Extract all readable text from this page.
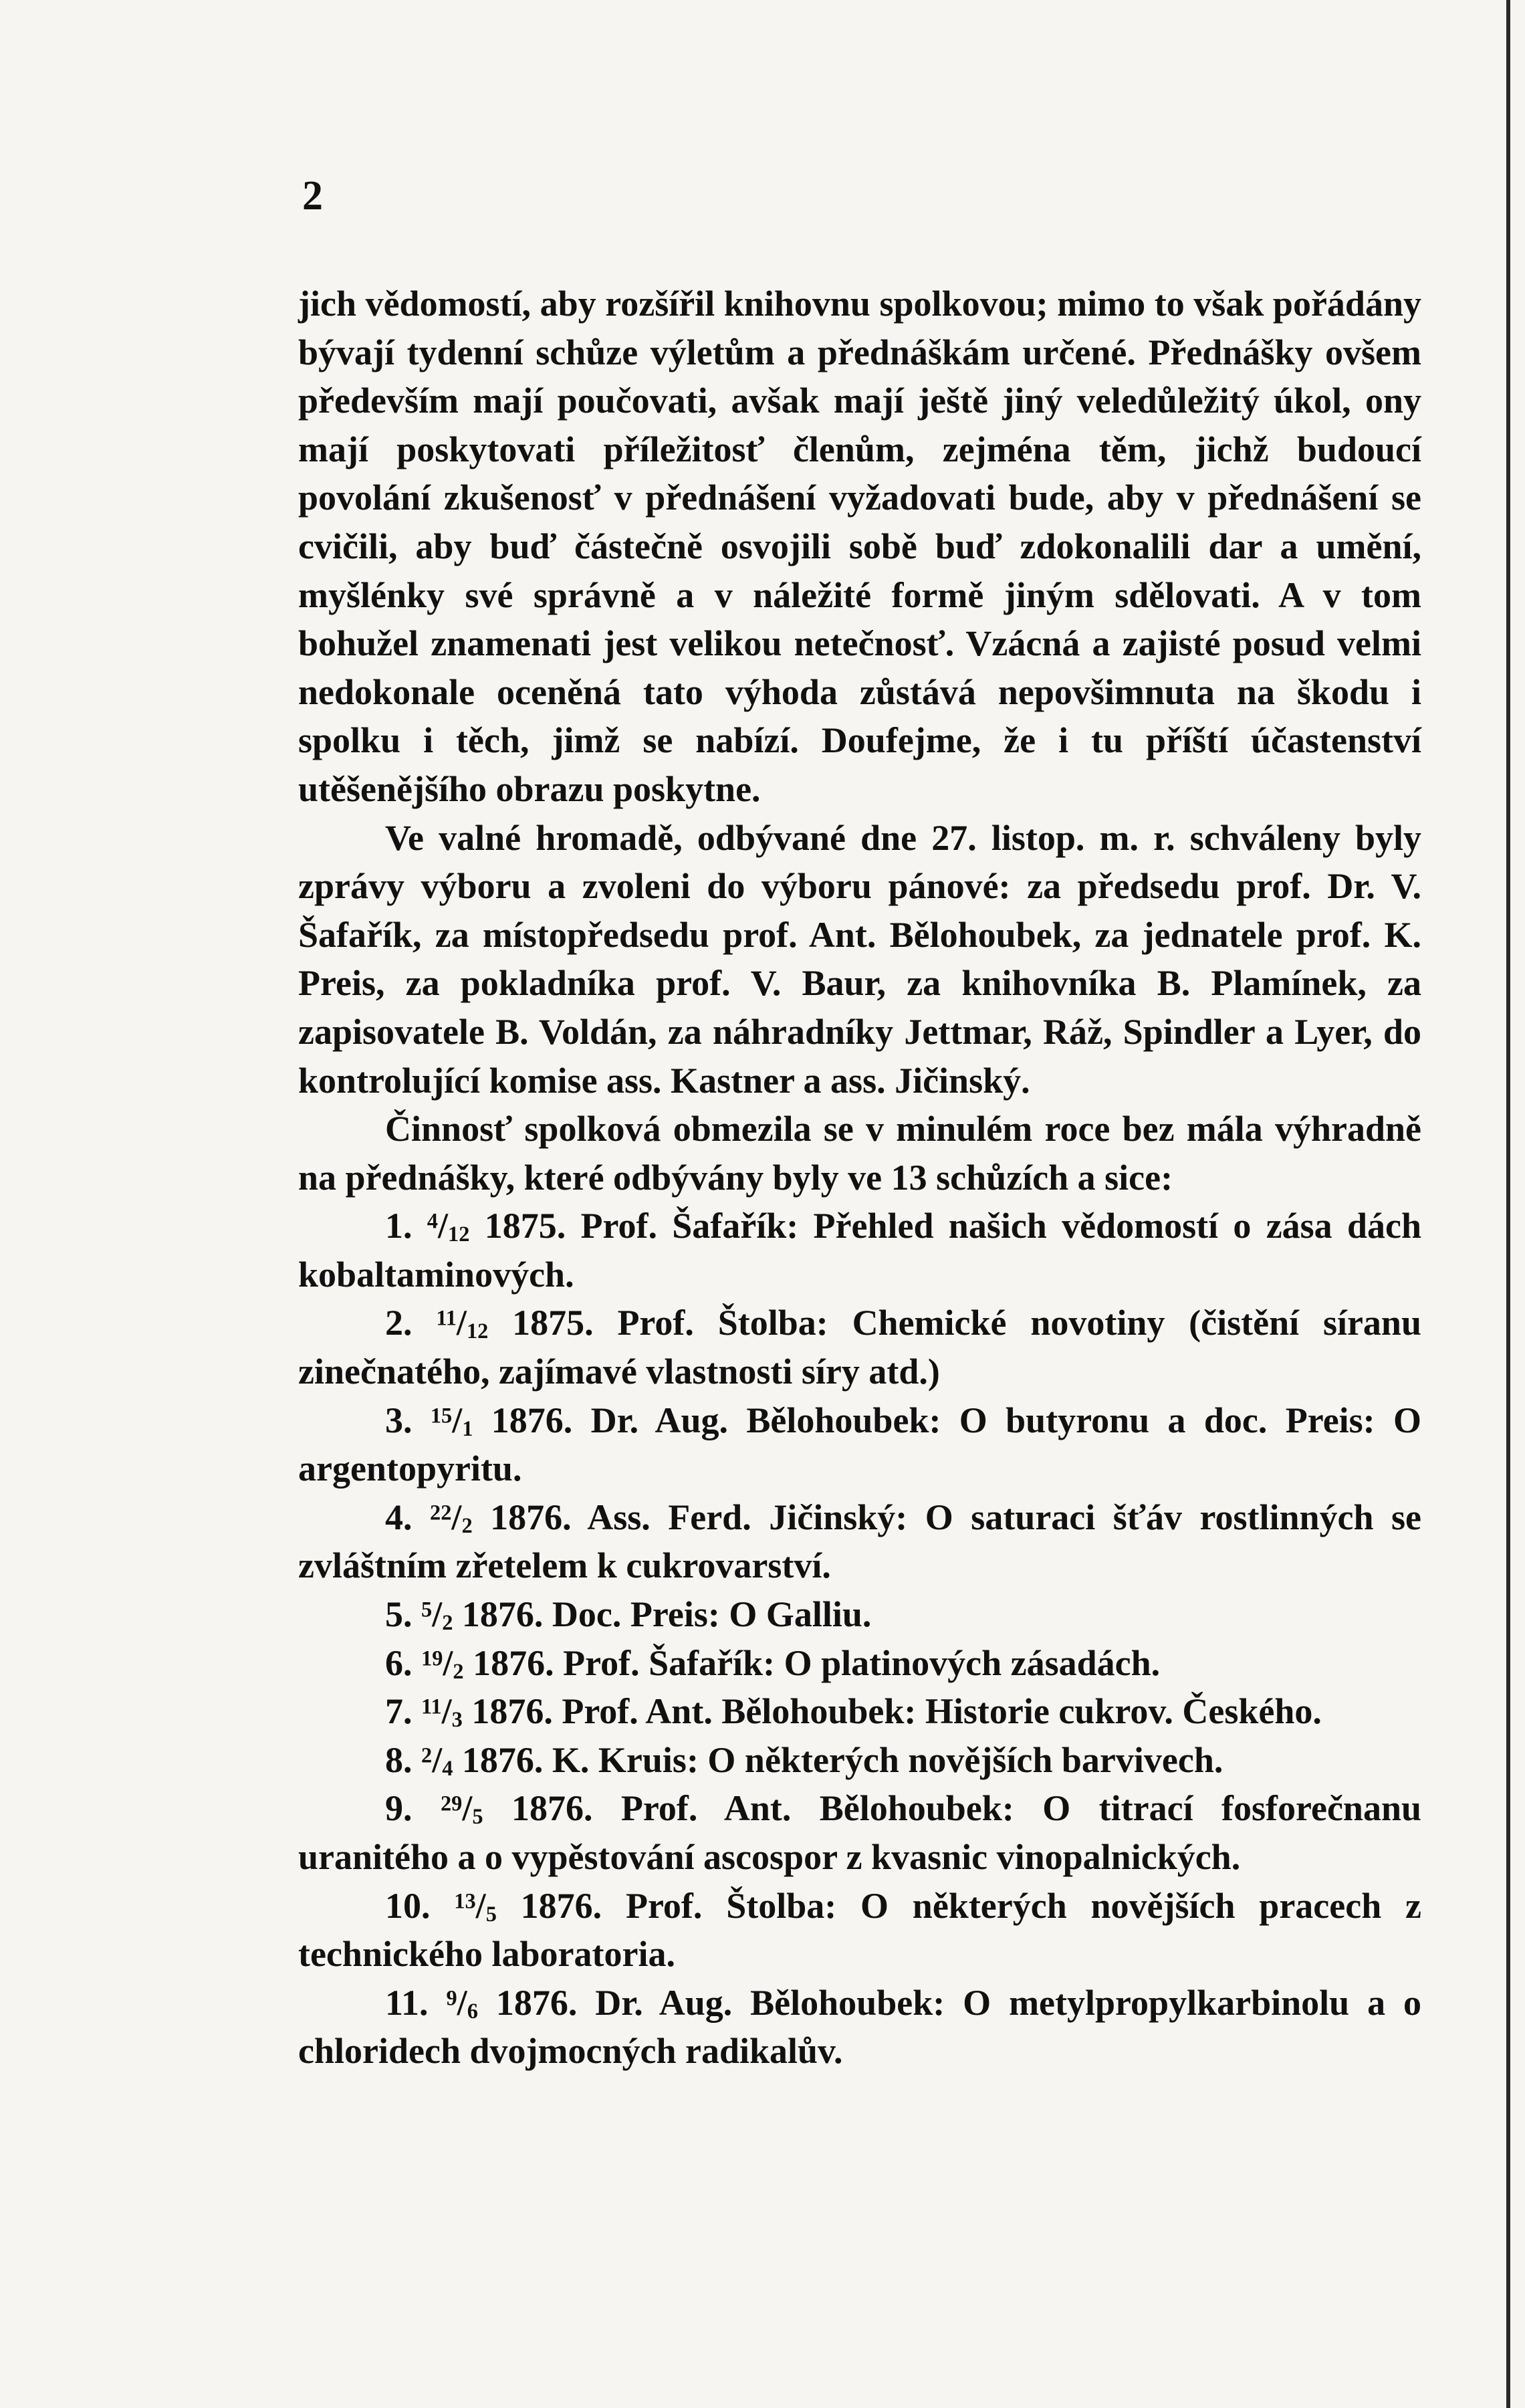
2

jich vědomostí, aby rozšířil knihovnu spolkovou; mimo to však pořádány bývají tydenní schůze výletům a přednáškám určené. Přednášky ovšem především mají poučovati, avšak mají ještě jiný veledůležitý úkol, ony mají poskytovati příležitosť členům, zejména těm, jichž budoucí povolání zkušenosť v přednášení vyžadovati bude, aby v přednášení se cvičili, aby buď částečně osvojili sobě buď zdokonalili dar a umění, myšlénky své správně a v náležité formě jiným sdělovati. A v tom bohužel znamenati jest velikou netečnosť. Vzácná a zajisté posud velmi nedokonale oceněná tato výhoda zůstává nepovšimnuta na škodu i spolku i těch, jimž se nabízí. Doufejme, že i tu příští účastenství utěšenějšího obrazu poskytne.

Ve valné hromadě, odbývané dne 27. listop. m. r. schváleny byly zprávy výboru a zvoleni do výboru pánové: za předsedu prof. Dr. V. Šafařík, za místopředsedu prof. Ant. Bělohoubek, za jednatele prof. K. Preis, za pokladníka prof. V. Baur, za knihovníka B. Plamínek, za zapisovatele B. Voldán, za náhradníky Jettmar, Ráž, Spindler a Lyer, do kontrolující komise ass. Kastner a ass. Jičinský.

Činnosť spolková obmezila se v minulém roce bez mála výhradně na přednášky, které odbývány byly ve 13 schůzích a sice:

1. $^4/_{12}$ 1875. Prof. Šafařík: Přehled našich vědomostí o zása dách kobaltaminových.
2. $^{11}/_{12}$ 1875. Prof. Štolba: Chemické novotiny (čistění síranu zinečnatého, zajímavé vlastnosti síry atd.)
3. $^{15}/_1$ 1876. Dr. Aug. Bělohoubek: O butyronu a doc. Preis: O argentopyritu.
4. $^{22}/_2$ 1876. Ass. Ferd. Jičinský: O saturaci šťáv rostlinných se zvláštním zřetelem k cukrovarství.
5. $^5/_2$ 1876. Doc. Preis: O Galliu.
6. $^{19}/_2$ 1876. Prof. Šafařík: O platinových zásadách.
7. $^{11}/_3$ 1876. Prof. Ant. Bělohoubek: Historie cukrov. Českého.
8. $^2/_4$ 1876. K. Kruis: O některých novějších barvivech.
9. $^{29}/_5$ 1876. Prof. Ant. Bělohoubek: O titrací fosforečnanu uranitého a o vypěstování ascospor z kvasnic vinopalnických.
10. $^{13}/_5$ 1876. Prof. Štolba: O některých novějších pracech z technického laboratoria.
11. $^9/_6$ 1876. Dr. Aug. Bělohoubek: O metylpropylkarbinolu a o chloridech dvojmocných radikalův.
